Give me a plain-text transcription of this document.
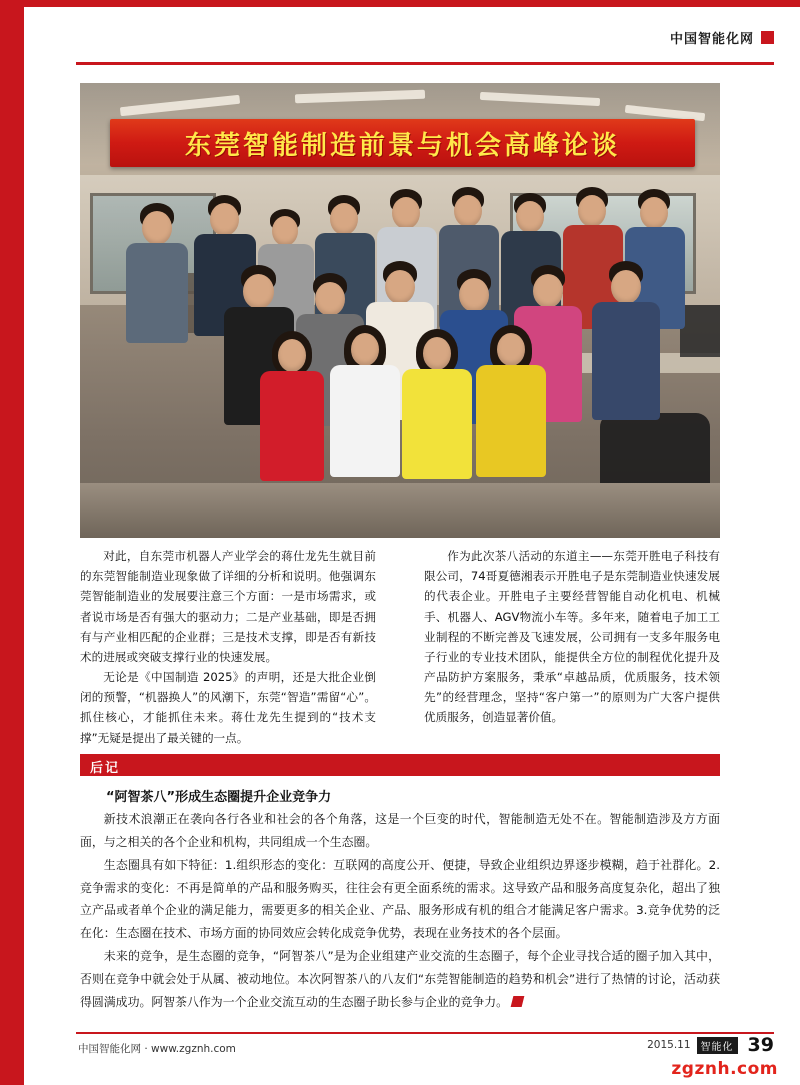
中国智能化网
东莞智能制造前景与机会高峰论谈

对此，自东莞市机器人产业学会的蒋仕龙先生就目前的东莞智能制造业现象做了详细的分析和说明。他强调东莞智能制造业的发展要注意三个方面：一是市场需求，或者说市场是否有强大的驱动力；二是产业基础，即是否拥有与产业相匹配的企业群；三是技术支撑，即是否有新技术的进展或突破支撑行业的快速发展。

无论是《中国制造 2025》的声明，还是大批企业倒闭的预警，“机器换人”的风潮下，东莞“智造”需留“心”。抓住核心，才能抓住未来。蒋仕龙先生提到的“技术支撑”无疑是提出了最关键的一点。

作为此次茶八活动的东道主——东莞开胜电子科技有限公司，74哥夏德湘表示开胜电子是东莞制造业快速发展的代表企业。开胜电子主要经营智能自动化机电、机械手、机器人、AGV物流小车等。多年来，随着电子加工工业制程的不断完善及飞速发展，公司拥有一支多年服务电子行业的专业技术团队，能提供全方位的制程优化提升及产品防护方案服务，秉承“卓越品质，优质服务，技术领先”的经营理念，坚持“客户第一”的原则为广大客户提供优质服务，创造显著价值。

后记
“阿智茶八”形成生态圈提升企业竞争力

新技术浪潮正在袭向各行各业和社会的各个角落，这是一个巨变的时代，智能制造无处不在。智能制造涉及方方面面，与之相关的各个企业和机构，共同组成一个生态圈。

生态圈具有如下特征：1.组织形态的变化：互联网的高度公开、便捷，导致企业组织边界逐步模糊，趋于社群化。2.竞争需求的变化：不再是简单的产品和服务购买，往往会有更全面系统的需求。这导致产品和服务高度复杂化，超出了独立产品或者单个企业的满足能力，需要更多的相关企业、产品、服务形成有机的组合才能满足客户需求。3.竞争优势的泛在化：生态圈在技术、市场方面的协同效应会转化成竞争优势，表现在业务技术的各个层面。

未来的竞争，是生态圈的竞争，“阿智茶八”是为企业组建产业交流的生态圈子，每个企业寻找合适的圈子加入其中，否则在竞争中就会处于从属、被动地位。本次阿智茶八的八友们“东莞智能制造的趋势和机会”进行了热情的讨论，活动获得圆满成功。阿智茶八作为一个企业交流互动的生态圈子助长参与企业的竞争力。

中国智能化网 · www.zgznh.com	2015.11	智能化 39
zgznh.com
